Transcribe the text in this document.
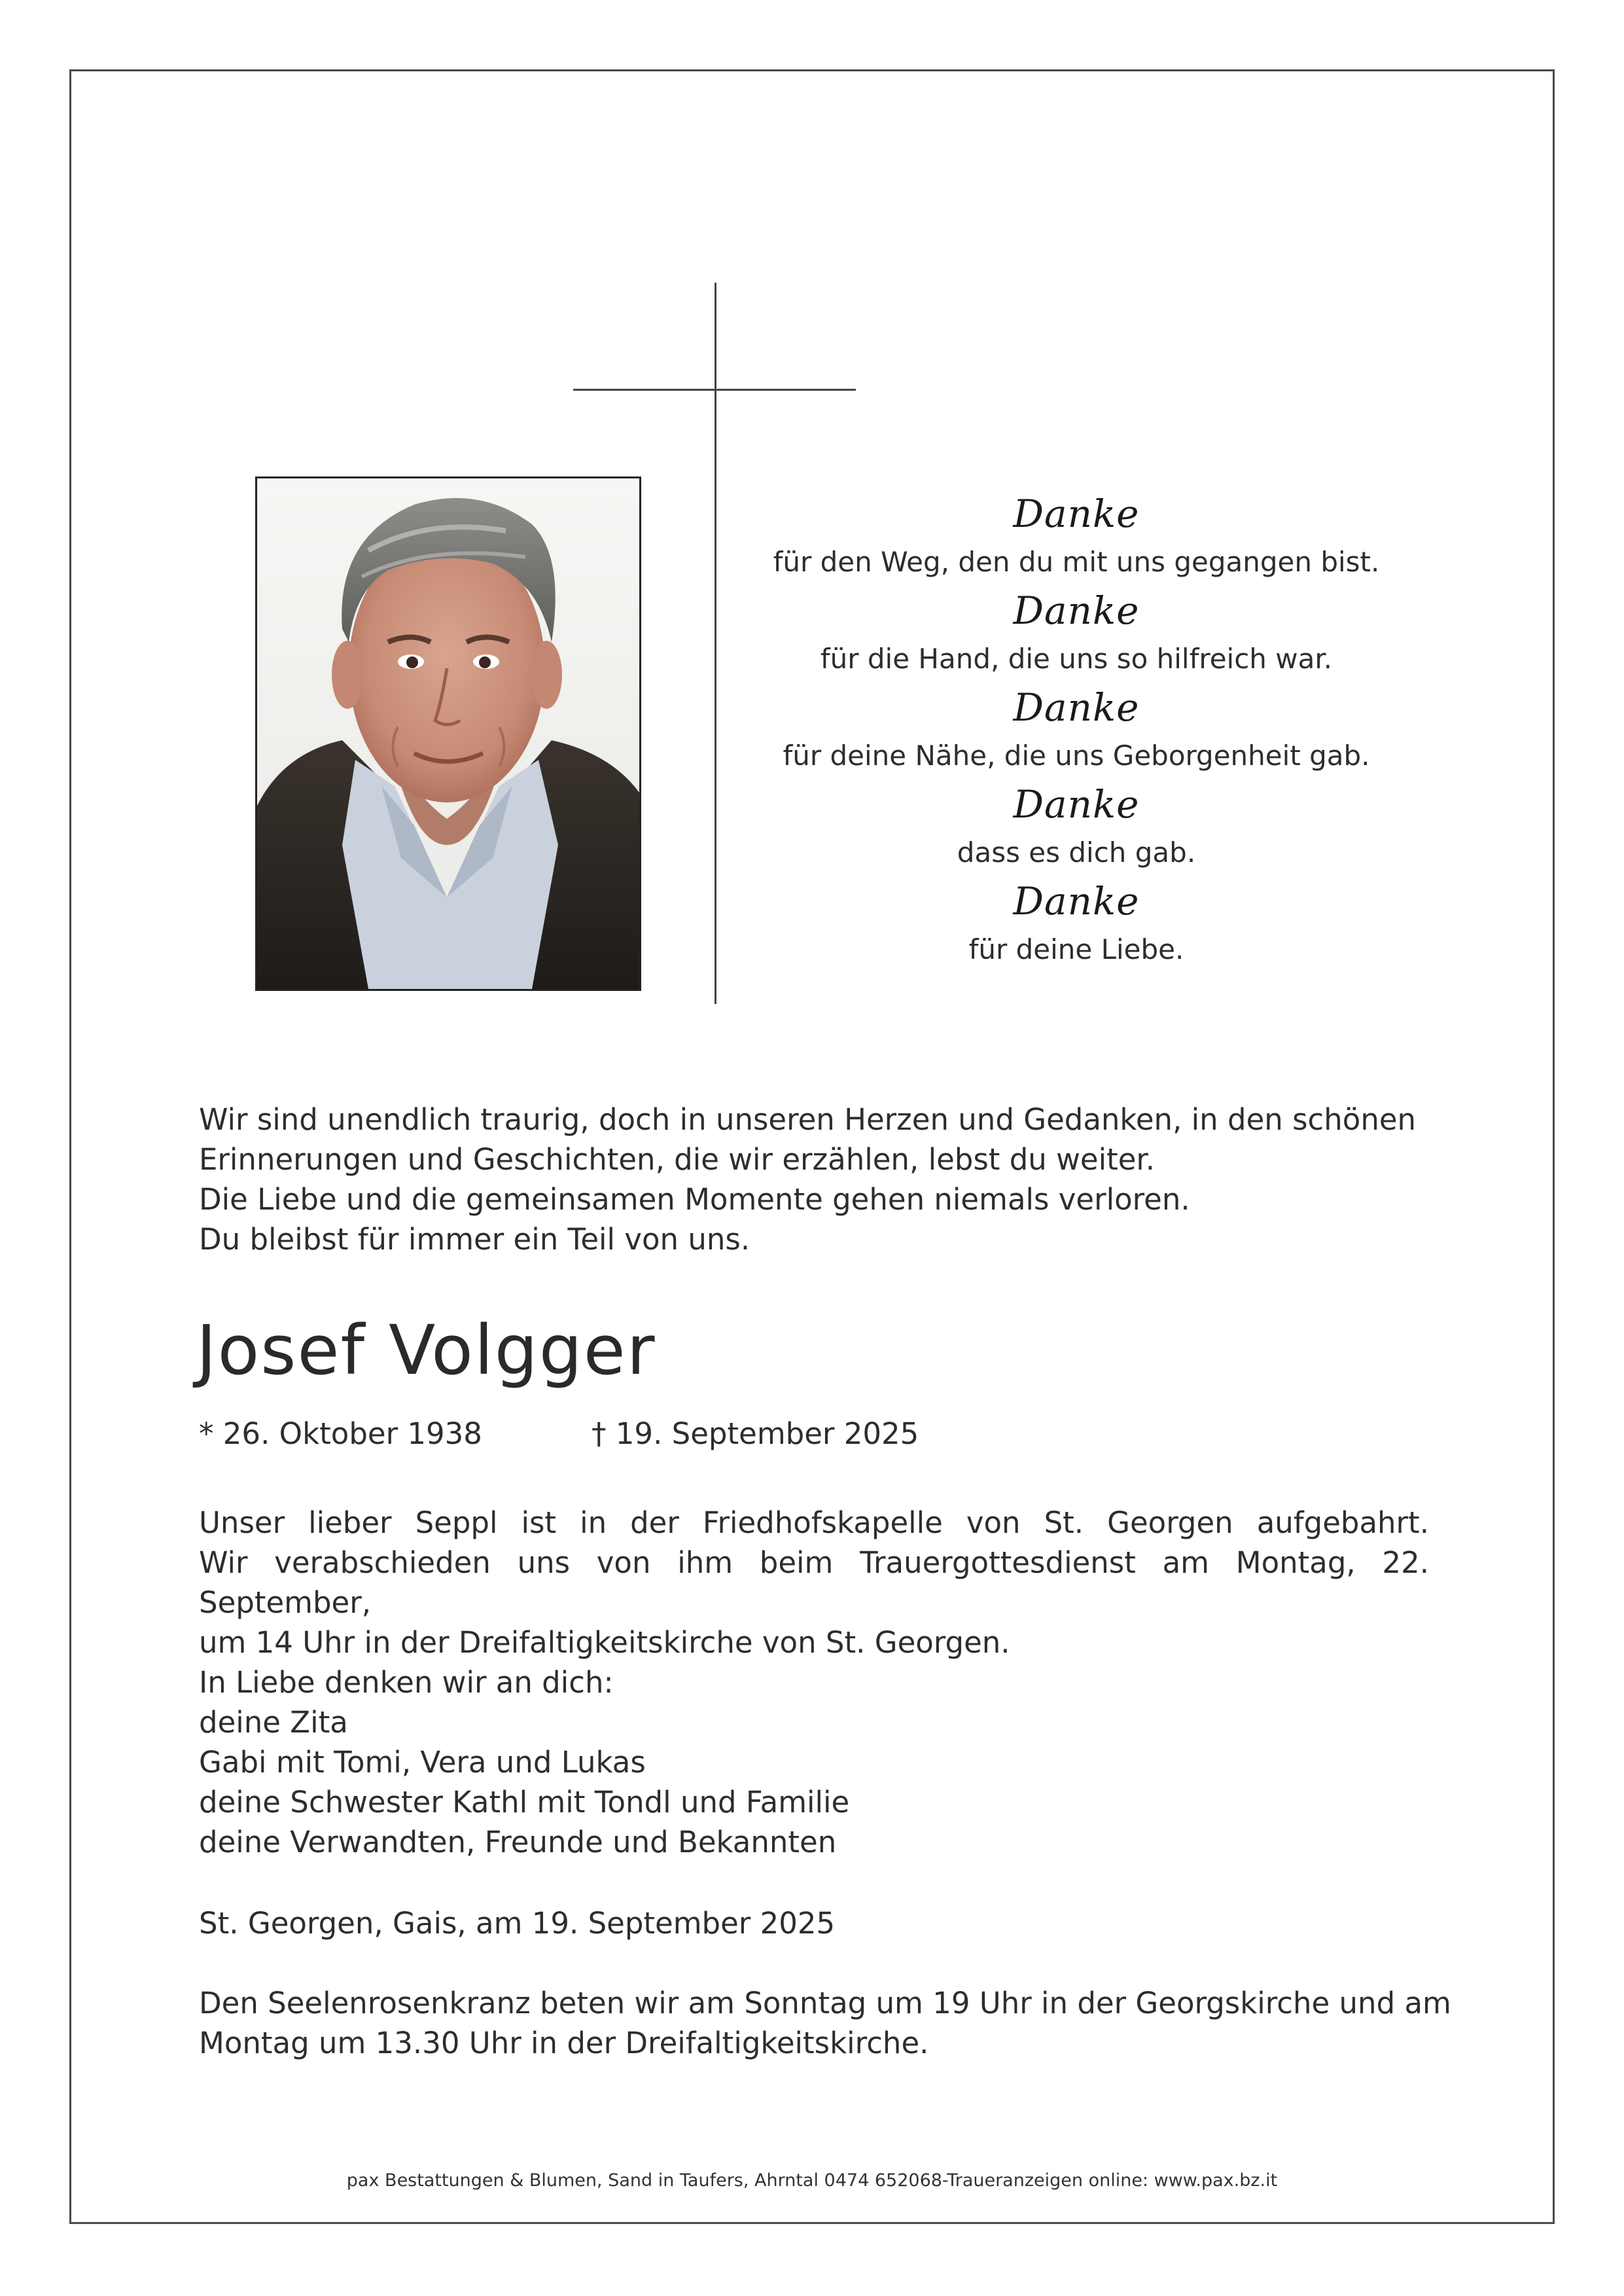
Danke
für den Weg, den du mit uns gegangen bist.
Danke
für die Hand, die uns so hilfreich war.
Danke
für deine Nähe, die uns Geborgenheit gab.
Danke
dass es dich gab.
Danke
für deine Liebe.
Wir sind unendlich traurig, doch in unseren Herzen und Gedanken, in den schönen
Erinnerungen und Geschichten, die wir erzählen, lebst du weiter.
Die Liebe und die gemeinsamen Momente gehen niemals verloren.
Du bleibst für immer ein Teil von uns.
Josef Volgger
* 26. Oktober 1938	† 19. September 2025
Unser lieber Seppl ist in der Friedhofskapelle von St. Georgen aufgebahrt.
Wir verabschieden uns von ihm beim Trauergottesdienst am Montag, 22. September,
um 14 Uhr in der Dreifaltigkeitskirche von St. Georgen.
In Liebe denken wir an dich:
deine Zita
Gabi mit Tomi, Vera und Lukas
deine Schwester Kathl mit Tondl und Familie
deine Verwandten, Freunde und Bekannten
St. Georgen, Gais, am 19. September 2025
Den Seelenrosenkranz beten wir am Sonntag um 19 Uhr in der Georgskirche und am
Montag um 13.30 Uhr in der Dreifaltigkeitskirche.
pax Bestattungen & Blumen, Sand in Taufers, Ahrntal 0474 652068-Traueranzeigen online: www.pax.bz.it
